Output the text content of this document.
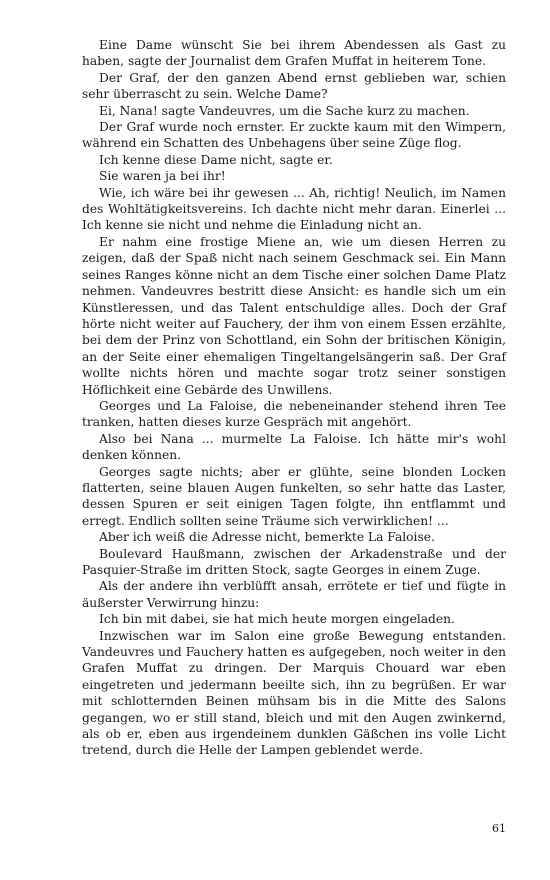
Eine Dame wünscht Sie bei ihrem Abendessen als Gast zu haben, sagte der Journalist dem Grafen Muffat in heiterem Tone.

Der Graf, der den ganzen Abend ernst geblieben war, schien sehr überrascht zu sein. Welche Dame?

Ei, Nana! sagte Vandeuvres, um die Sache kurz zu machen.

Der Graf wurde noch ernster. Er zuckte kaum mit den Wimpern, während ein Schatten des Unbehagens über seine Züge flog.

Ich kenne diese Dame nicht, sagte er.

Sie waren ja bei ihr!

Wie, ich wäre bei ihr gewesen ... Ah, richtig! Neulich, im Namen des Wohltätigkeitsvereins. Ich dachte nicht mehr daran. Einerlei ... Ich kenne sie nicht und nehme die Einladung nicht an.

Er nahm eine frostige Miene an, wie um diesen Herren zu zeigen, daß der Spaß nicht nach seinem Geschmack sei. Ein Mann seines Ranges könne nicht an dem Tische einer solchen Dame Platz nehmen. Vandeuvres bestritt diese Ansicht: es handle sich um ein Künstleressen, und das Talent entschuldige alles. Doch der Graf hörte nicht weiter auf Fauchery, der ihm von einem Essen erzählte, bei dem der Prinz von Schottland, ein Sohn der britischen Königin, an der Seite einer ehemaligen Tingeltangelsängerin saß. Der Graf wollte nichts hören und machte sogar trotz seiner sonstigen Höflichkeit eine Gebärde des Unwillens.

Georges und La Faloise, die nebeneinander stehend ihren Tee tranken, hatten dieses kurze Gespräch mit angehört.

Also bei Nana ... murmelte La Faloise. Ich hätte mir's wohl denken können.

Georges sagte nichts; aber er glühte, seine blonden Locken flatterten, seine blauen Augen funkelten, so sehr hatte das Laster, dessen Spuren er seit einigen Tagen folgte, ihn entflammt und erregt. Endlich sollten seine Träume sich verwirklichen! ...

Aber ich weiß die Adresse nicht, bemerkte La Faloise.

Boulevard Haußmann, zwischen der Arkadenstraße und der Pasquier-Straße im dritten Stock, sagte Georges in einem Zuge.

Als der andere ihn verblüfft ansah, errötete er tief und fügte in äußerster Verwirrung hinzu:

Ich bin mit dabei, sie hat mich heute morgen eingeladen.

Inzwischen war im Salon eine große Bewegung entstanden. Vandeuvres und Fauchery hatten es aufgegeben, noch weiter in den Grafen Muffat zu dringen. Der Marquis Chouard war eben eingetreten und jedermann beeilte sich, ihn zu begrüßen. Er war mit schlotternden Beinen mühsam bis in die Mitte des Salons gegangen, wo er still stand, bleich und mit den Augen zwinkernd, als ob er, eben aus irgendeinem dunklen Gäßchen ins volle Licht tretend, durch die Helle der Lampen geblendet werde.

61
